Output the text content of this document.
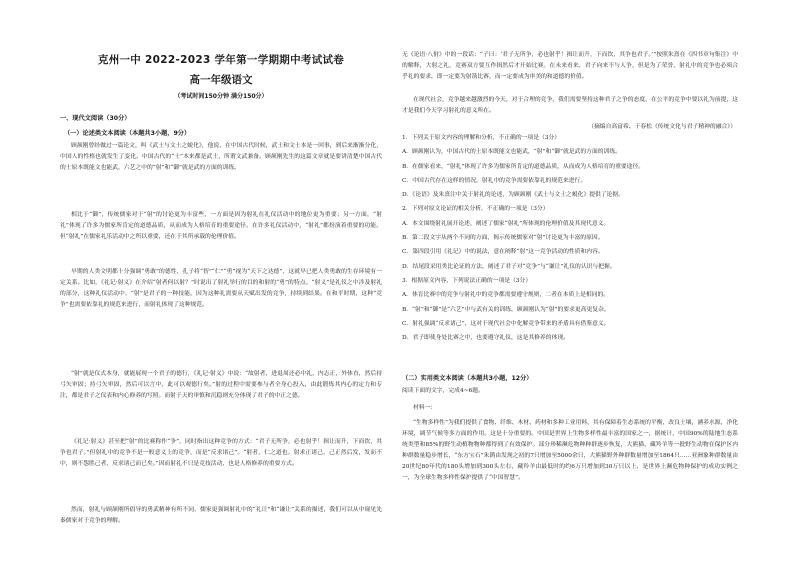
克州一中 2022-2023 学年第一学期期中考试试卷
高一年级语文
（考试时间150分钟 满分150分）
一、现代文阅读（30分）
（一）论述类文本阅读（本题共3小题，9分）

顾颉刚曾经做过一篇论文，叫《武士与文士之蜕化》，他说，在中国古代时候，武士和文士本是一回事，到后来渐渐分化，中国人的性格也就发生了变化。中国古代的“士”本来都是武士，所谓文武兼备。顾颉刚先生的这篇文章就是要讲清楚中国古代的士原本既能文也能武，六艺之中的“射”和“御”就是武的方面的训练。

相比于“御”，传统儒家对于“射”的讨论更为丰富些，一方面是因为射礼在礼仪活动中的地位更为重要；另一方面，“射礼”体现了许多为儒家所肯定的道德品质，从而成为人格培育的重要途径。在许多礼仪活动中，“射礼”都扮演着重要的功能。但“射礼”在儒家礼乐活动中之所以重要，还在于其所承载的伦理价值。

早期的人类文明都十分强调“勇敢”的德性，孔子将“智”“仁”“勇”视为“天下之达德”，这就早已把人类勇敢的生存环境有一定关系。比如，《礼记·射义》在介绍“射者何以射？”时说出了射礼举行的目的和射的“勇”的特点。“射义”是礼仪之中涉及射礼的部分，这种礼仪活动中，“射”是君子的一种技能，因为这种礼需要从天赋出发的竞争，持续到结果。在和平时期，这种“竞争”也需要依靠礼的规范来进行，而射礼体现了这种规范。

“射”就是仪式本身，就能展现一个君子的德行，《礼记·射义》中说：“故射者，进退周还必中礼，内志正，外体直，然后持弓矢审固；持弓矢审固，然后可以言中，此可以观德行矣。”射的过程中需要参与者全身心投入，由此锻炼其内心的定力和专注，都是君子之仪表和内心修养的写照。而射于天的审慎和沉稳则充分体现了君子的中正之德。

《礼记·射义》甚至把“射”的比赛称作“争”，同时指出这种竞争的方式：“君子无所争，必也射乎！揖让而升，下而饮，其争也君子。”但射礼中的竞争不是一般意义上的竞争，而是“反求诸己”。“射者，仁之道也。射求正诸己，己正然后发，发而不中，则不怨胜己者，反求诸己而已矣。”因而射礼不只是竞技活动，也是人格修养的重要方式。

然而，射礼与顾颉刚所倡导的勇武精神有所不同，儒家更强调射礼中的“礼让”和“谦让”关系的描述，我们可以从中窥见先秦儒家对于竞争的理解。

无《论语·八佾》中的一段话：“子曰：‘君子无所争，必也射乎！揖让而升，下而饮，其争也君子。’”按照朱熹在《四书章句集注》中的解释，大射之礼，竞赛双方要互作揖然后才开始比赛。在未来看来，君子向来不与人争，但是为了荣誉，射礼中的竞争也必须合乎礼的要求，即一定要为射箭比赛，而一定要成为审美的和道德的价值。

在现代社会，竞争越来越激烈的今天，对于合理的竞争，我们需要坚持这种君子之争的态度，在公平的竞争中要以礼为前提，这才是我们今天学习射礼的意义所在。

（摘编自高富希、干春松《传统文化与君子精神的融合》）
1．下列关于原文内容的理解和分析，不正确的一项是（3分）
A．顾颉刚认为，中国古代的士原本既能文也能武，“射”和“御”就是武的方面的训练。
B．在儒家看来，“射礼”体现了许多为儒家所肯定的道德品质，从而成为人格培育的重要途径。
C．中国古代存在这样的情况，射礼中的竞争需要依靠礼的规范来进行。
D．《论语》及朱熹注中关于射礼的论述，为顾颉刚《武士与文士之蜕化》提供了论据。
2．下列对原文论证的相关分析，不正确的一项是（3分）
A．本文围绕射礼展开论述，阐述了儒家“射礼”所体现的伦理价值及其现代意义。
B．第二段文字从两个不同的方面，揭示传统儒家对“射”讨论更为丰富的原因。
C．第四段引用《礼记》中的说法，意在阐释“射”这一竞争活动的性质和内容。
D．结尾段采用类比论证的方法，阐述了君子对“竞争”与“谦让”礼仪的认识与把握。
3．根据原文内容，下列说法正确的一项是（3分）
A．体育比赛中的竞争与射礼中的竞争都需要遵守规则，二者在本质上是相同的。
B．“射”和“御”是“六艺”中与武有关的训练，顾颉刚认为“射”的要求更高更复杂。
C．射礼强调“反求诸己”，这对于现代社会中化解竞争带来的矛盾具有借鉴意义。
D．君子即使身处比赛之中，也要遵守礼仪，这是其修养的体现。
（二）实用类文本阅读（本题共3小题，12分）
阅读下面的文字，完成4~6题。
材料一：

“生物多样性”为我们提供了食物、纤维、木材、药材和多种工业用料，其有保障着生态系统的平衡，改良土壤，涵养水源，净化环境，调节气候等多方面的作用。这是十分重要的。中国是世界上生物多样性最丰富的国家之一，据统计，中国90%的陆地生态系统类型和85%的野生动植物物种都得到了有效保护。部分珍稀濒危物种种群逐步恢复，大熊猫、藏羚羊等一批野生动物在保护区内种群数量稳步增长，“东方宝石”朱鹮由发现之初的7只增加至5000余只，大熊猫野外种群数量增加至1864只……亚洲象种群数量由20世纪80年代的180头增加到300头左右，藏羚羊由最低时的约6万只增加到30万只以上，是世界上濒危物种保护的成功实例之一，为全球生物多样性保护提供了“中国智慧”。
